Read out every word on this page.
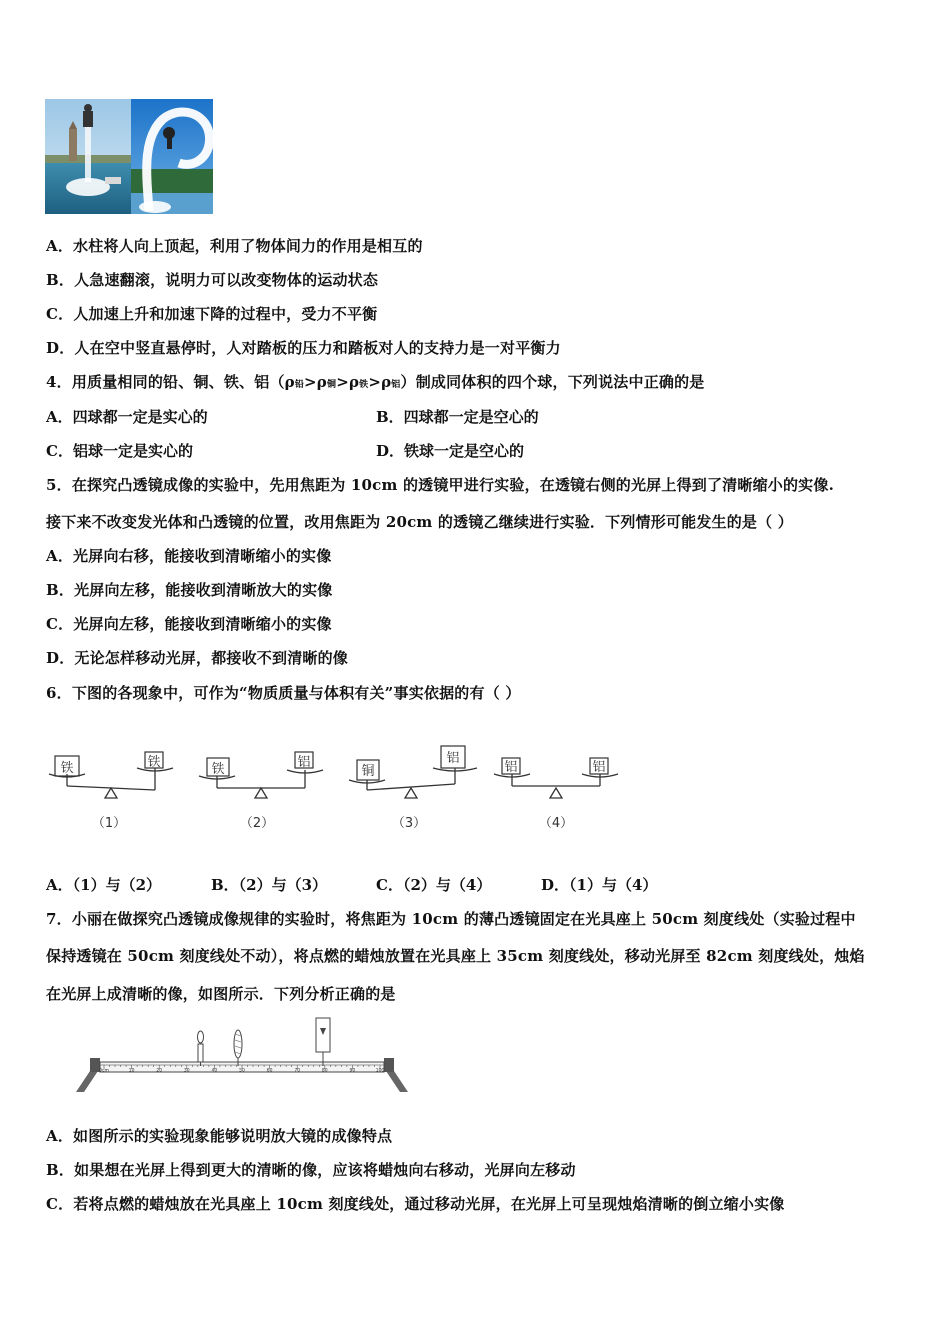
A．水柱将人向上顶起，利用了物体间力的作用是相互的
B．人急速翻滚，说明力可以改变物体的运动状态
C．人加速上升和加速下降的过程中，受力不平衡
D．人在空中竖直悬停时，人对踏板的压力和踏板对人的支持力是一对平衡力
4．用质量相同的铅、铜、铁、铝（ρ铅>ρ铜>ρ铁>ρ铝）制成同体积的四个球，下列说法中正确的是
A．四球都一定是实心的	B．四球都一定是空心的
C．铝球一定是实心的	D．铁球一定是空心的
5．在探究凸透镜成像的实验中，先用焦距为 10cm 的透镜甲进行实验，在透镜右侧的光屏上得到了清晰缩小的实像.
接下来不改变发光体和凸透镜的位置，改用焦距为 20cm 的透镜乙继续进行实验．下列情形可能发生的是（ ）
A．光屏向右移，能接收到清晰缩小的实像
B．光屏向左移，能接收到清晰放大的实像
C．光屏向左移，能接收到清晰缩小的实像
D．无论怎样移动光屏，都接收不到清晰的像
6．下图的各现象中，可作为“物质质量与体积有关”事实依据的有（ ）
铁	铁
（1）
铁	铝
（2）
铜
铝
（3）
铝	铝
（4）
A．（1）与（2）	B．（2）与（3）	C．（2）与（4）	D．（1）与（4）
7．小丽在做探究凸透镜成像规律的实验时，将焦距为 10cm 的薄凸透镜固定在光具座上 50cm 刻度线处（实验过程中
保持透镜在 50cm 刻度线处不动），将点燃的蜡烛放置在光具座上 35cm 刻度线处，移动光屏至 82cm 刻度线处，烛焰
在光屏上成清晰的像，如图所示．下列分析正确的是
0cm	10	20	30	40	50	60	70	80	90	100
A．如图所示的实验现象能够说明放大镜的成像特点
B．如果想在光屏上得到更大的清晰的像，应该将蜡烛向右移动，光屏向左移动
C．若将点燃的蜡烛放在光具座上 10cm 刻度线处，通过移动光屏，在光屏上可呈现烛焰清晰的倒立缩小实像
